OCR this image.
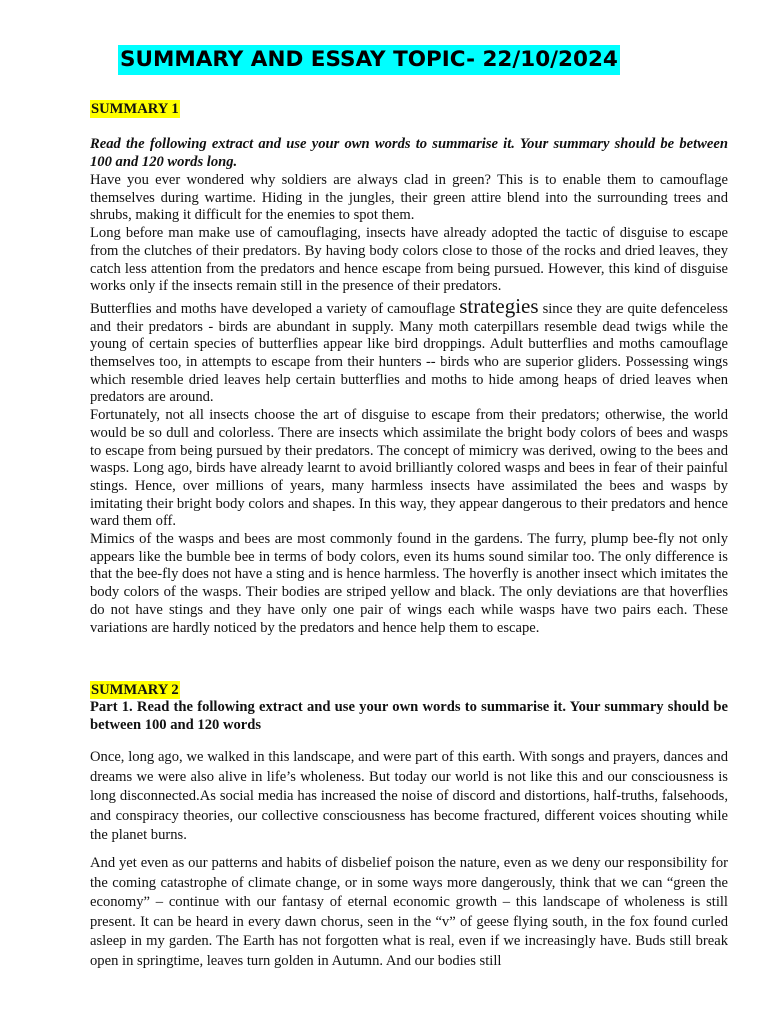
SUMMARY AND ESSAY TOPIC- 22/10/2024
SUMMARY 1

Read the following extract and use your own words to summarise it. Your summary should be between 100 and 120 words long.

Have you ever wondered why soldiers are always clad in green? This is to enable them to camouflage themselves during wartime. Hiding in the jungles, their green attire blend into the surrounding trees and shrubs, making it difficult for the enemies to spot them.

Long before man make use of camouflaging, insects have already adopted the tactic of disguise to escape from the clutches of their predators. By having body colors close to those of the rocks and dried leaves, they catch less attention from the predators and hence escape from being pursued. However, this kind of disguise works only if the insects remain still in the presence of their predators.

Butterflies and moths have developed a variety of camouflage strategies since they are quite defenceless and their predators - birds are abundant in supply. Many moth caterpillars resemble dead twigs while the young of certain species of butterflies appear like bird droppings. Adult butterflies and moths camouflage themselves too, in attempts to escape from their hunters -- birds who are superior gliders. Possessing wings which resemble dried leaves help certain butterflies and moths to hide among heaps of dried leaves when predators are around.

Fortunately, not all insects choose the art of disguise to escape from their predators; otherwise, the world would be so dull and colorless. There are insects which assimilate the bright body colors of bees and wasps to escape from being pursued by their predators. The concept of mimicry was derived, owing to the bees and wasps. Long ago, birds have already learnt to avoid brilliantly colored wasps and bees in fear of their painful stings. Hence, over millions of years, many harmless insects have assimilated the bees and wasps by imitating their bright body colors and shapes. In this way, they appear dangerous to their predators and hence ward them off.

Mimics of the wasps and bees are most commonly found in the gardens. The furry, plump bee-fly not only appears like the bumble bee in terms of body colors, even its hums sound similar too. The only difference is that the bee-fly does not have a sting and is hence harmless. The hoverfly is another insect which imitates the body colors of the wasps. Their bodies are striped yellow and black. The only deviations are that hoverflies do not have stings and they have only one pair of wings each while wasps have two pairs each. These variations are hardly noticed by the predators and hence help them to escape.

SUMMARY 2

Part 1. Read the following extract and use your own words to summarise it. Your summary should be between 100 and 120 words

Once, long ago, we walked in this landscape, and were part of this earth. With songs and prayers, dances and dreams we were also alive in life’s wholeness. But today our world is not like this and our consciousness is long disconnected.As social media has increased the noise of discord and distortions, half-truths, falsehoods, and conspiracy theories, our collective consciousness has become fractured, different voices shouting while the planet burns.

And yet even as our patterns and habits of disbelief poison the nature, even as we deny our responsibility for the coming catastrophe of climate change, or in some ways more dangerously, think that we can “green the economy” – continue with our fantasy of eternal economic growth – this landscape of wholeness is still present. It can be heard in every dawn chorus, seen in the “v” of geese flying south, in the fox found curled asleep in my garden. The Earth has not forgotten what is real, even if we increasingly have. Buds still break open in springtime, leaves turn golden in Autumn. And our bodies still
